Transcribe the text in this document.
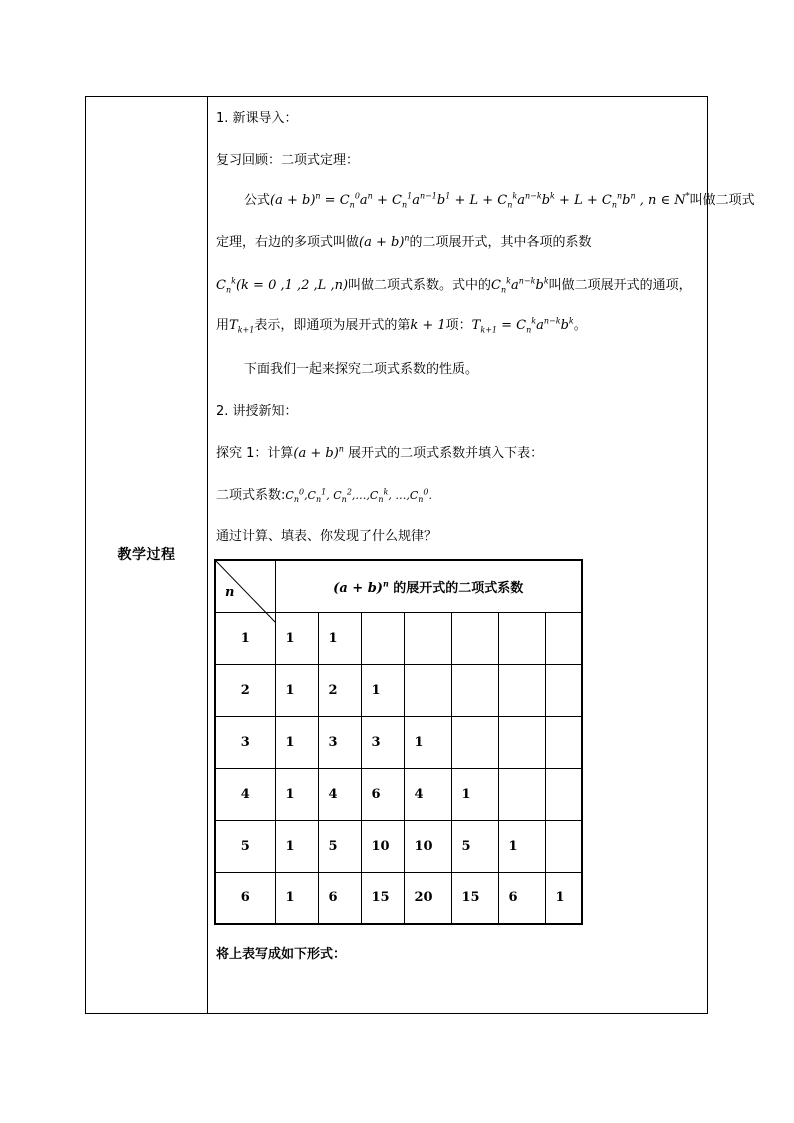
教学过程
1. 新课导入：
复习回顾：二项式定理：
公式$(a + b)^n = C_n^0a^n + C_n^1a^{n-1}b^1 + L + C_n^ka^{n-k}b^k + L + C_n^nb^n$ , n ∈ N*叫做二项式
定理，右边的多项式叫做$(a + b)^n$的二项展开式，其中各项的系数
$C_n^k(k = 0$ ,1 ,2 ,L ,n)叫做二项式系数。式中的$C_n^ka^{n-k}b^k$叫做二项展开式的通项，
用$T_{k+1}$表示，即通项为展开式的第k + 1项：$T_{k+1} = C_n^ka^{n-k}b^k$。
下面我们一起来探究二项式系数的性质。
2. 讲授新知：
探究 1：计算$(a + b)^n$ 展开式的二项式系数并填入下表：
二项式系数$:C_n^0,C_n^1$, $C_n^2,\dots,C_n^k$, $\dots,C_n^0$.
通过计算、填表、你发现了什么规律？
n	$(a + b)^n$ 的展开式的二项式系数						
1	1	1					
2	1	2	1				
3	1	3	3	1			
4	1	4	6	4	1		
5	1	5	10	10	5	1	
6	1	6	15	20	15	6	1
将上表写成如下形式：
